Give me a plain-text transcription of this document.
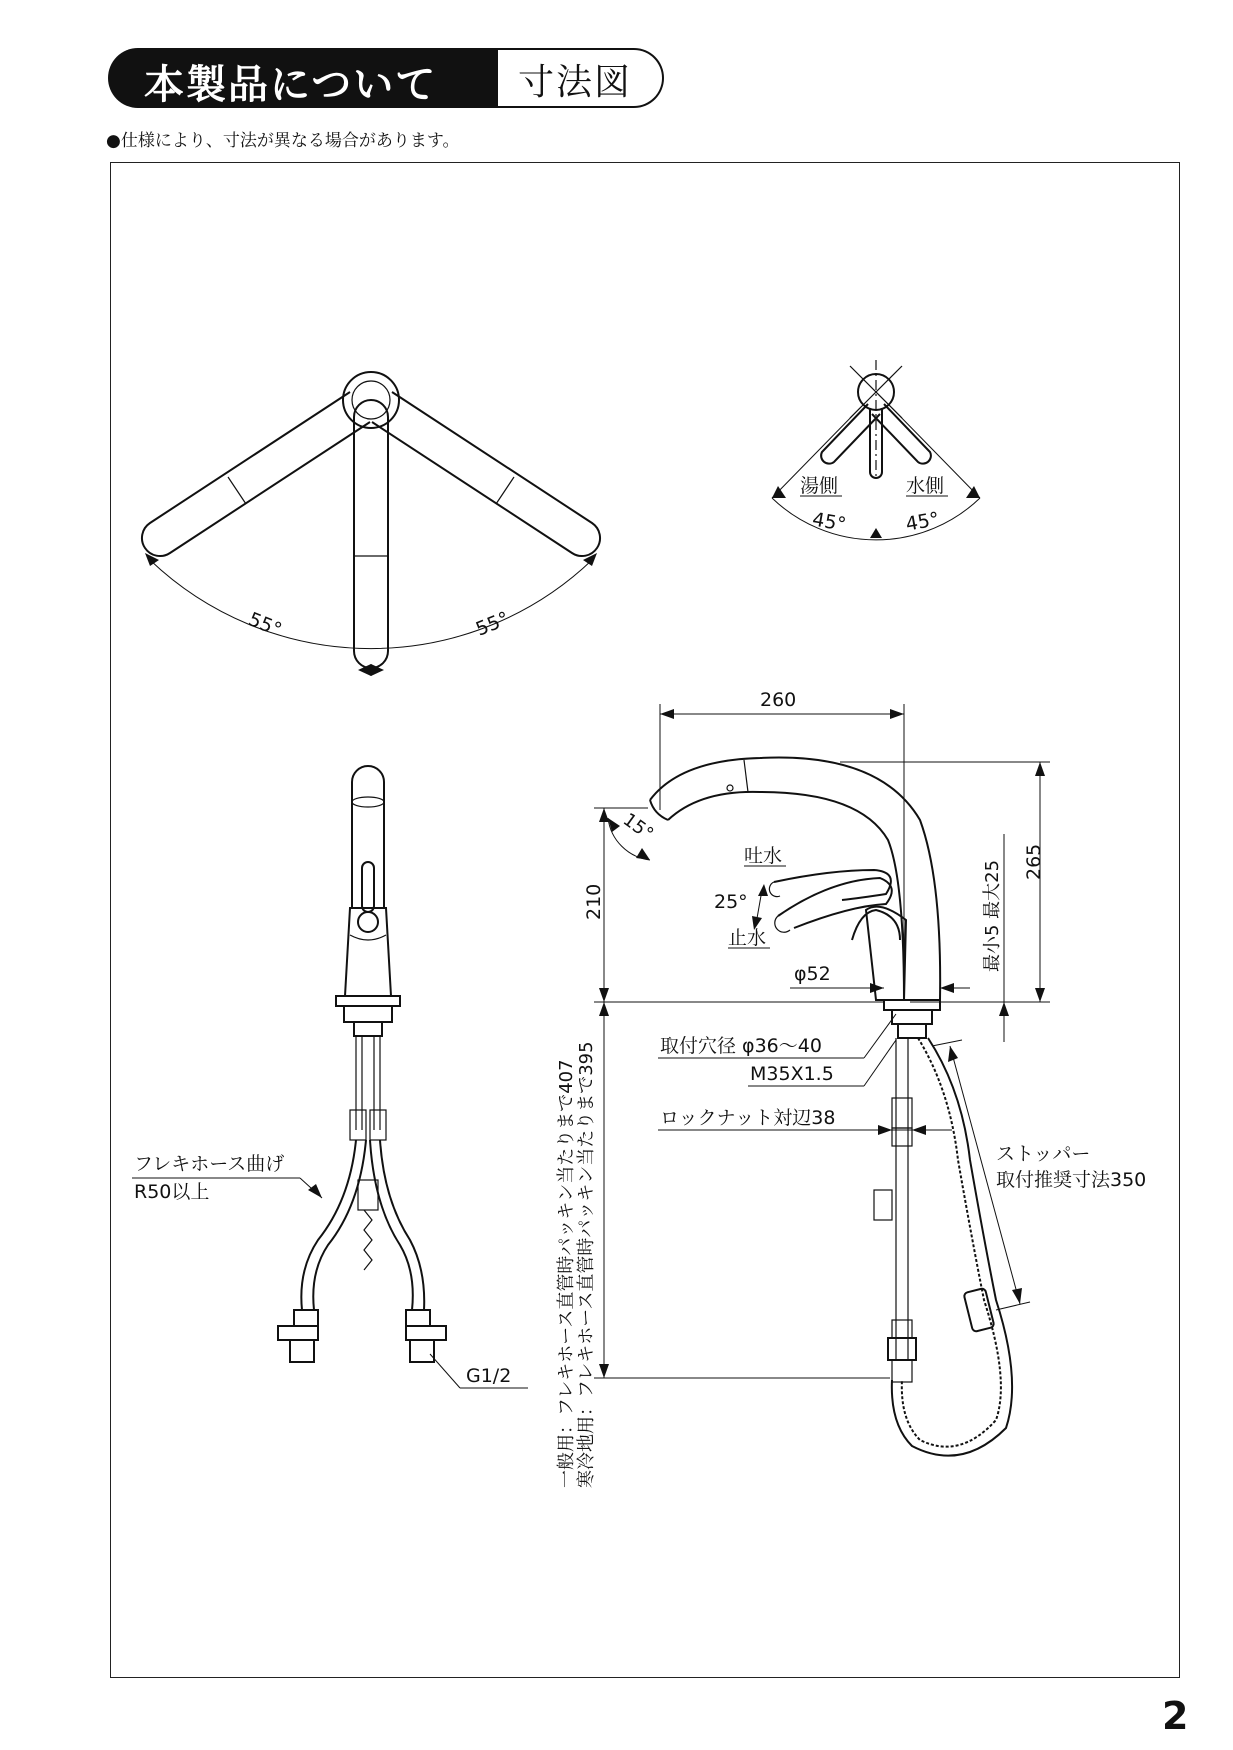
本製品について 寸法図
●仕様により、寸法が異なる場合があります。
55°	55°
湯側	水側
45°	45°
フレキホース曲げ
R50以上
G1/2
260
265
210
15°
最小5 最大25
吐水
25°
止水
φ52
取付穴径 φ36〜40
M35X1.5
ロックナット対辺38
ストッパー
取付推奨寸法350
一般用：フレキホース直管時パッキン当たりまで407 寒冷地用：フレキホース直管時パッキン当たりまで395
2
